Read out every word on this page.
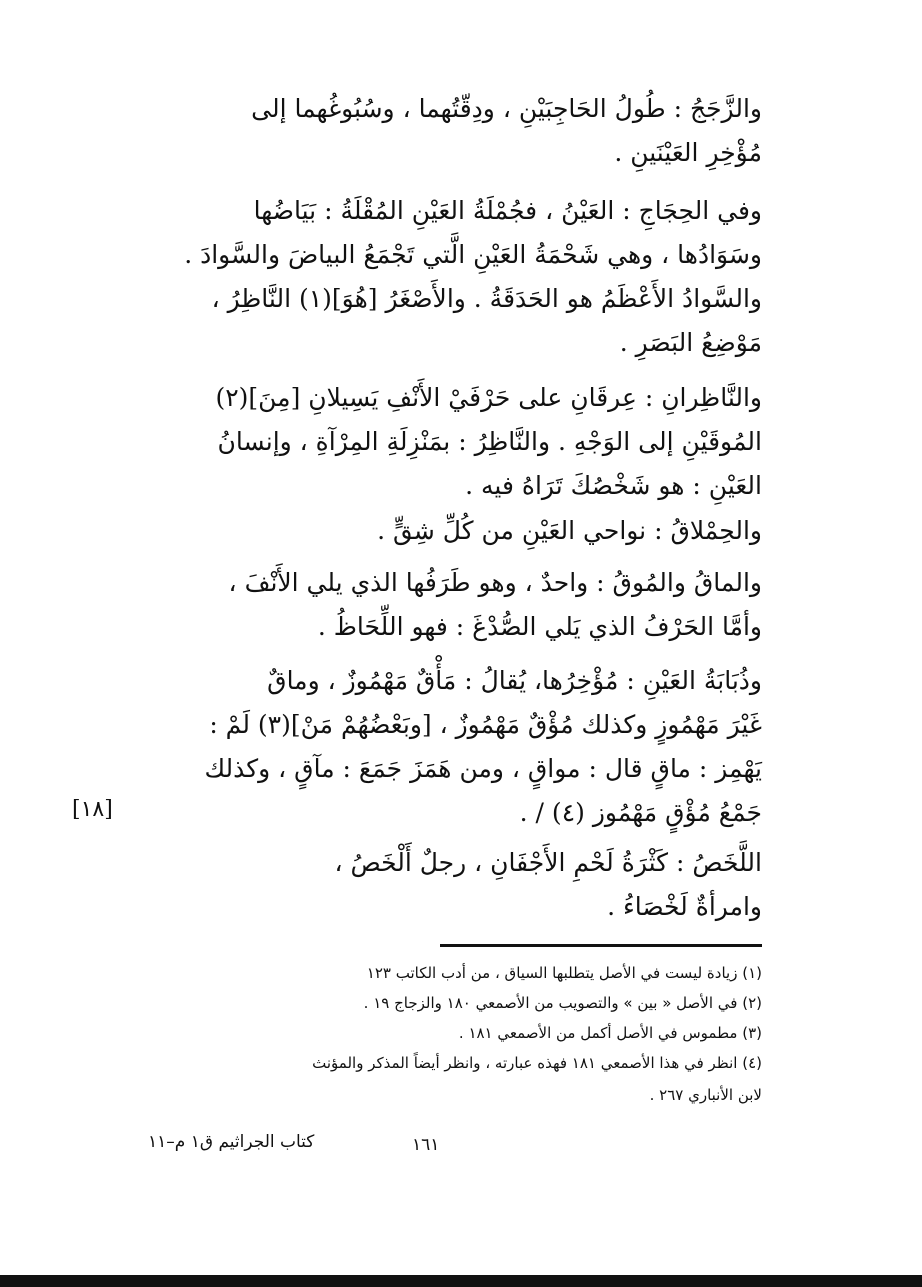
والزَّجَجُ : طُولُ الحَاجِبَيْنِ ، ودِقّتُهما ، وسُبُوغُهما إلى
مُؤْخِرِ العَيْنَينِ .
وفي الحِجَاجِ : العَيْنُ ، فجُمْلَةُ العَيْنِ المُقْلَةُ : بَيَاضُها
وسَوَادُها ، وهي شَحْمَةُ العَيْنِ الَّتي تَجْمَعُ البياضَ والسَّوادَ .
والسَّوادُ الأَعْظَمُ هو الحَدَقَةُ . والأَصْغَرُ [هُوَ](١) النَّاظِرُ ،
مَوْضِعُ البَصَرِ .
والنَّاظِرانِ : عِرقَانِ على حَرْفَيْ الأَنْفِ يَسِيلانِ [مِنَ](٢)
المُوقَيْنِ إلى الوَجْهِ . والنَّاظِرُ : بمَنْزِلَةِ المِرْآةِ ، وإنسانُ
العَيْنِ : هو شَخْصُكَ تَرَاهُ فيه .
والحِمْلاقُ : نواحي العَيْنِ من كُلِّ شِقٍّ .
والماقُ والمُوقُ : واحدٌ ، وهو طَرَفُها الذي يلي الأَنْفَ ،
وأمَّا الحَرْفُ الذي يَلي الصُّدْغَ : فهو اللِّحَاظُ .
وذُبَابَةُ العَيْنِ : مُؤْخِرُها، يُقالُ : مَأْقٌ مَهْمُوزٌ ، وماقٌ
غَيْرَ مَهْمُوزٍ وكذلك مُؤْقٌ مَهْمُوزٌ ، [وبَعْضُهُمْ مَنْ](٣) لَمْ :
يَهْمِز : ماقٍ قال : مواقٍ ، ومن هَمَزَ جَمَعَ : مآقٍ ، وكذلك
جَمْعُ مُؤْقٍ مَهْمُوز (٤) / .
اللَّخَصُ : كَثْرَةُ لَحْمِ الأَجْفَانِ ، رجلٌ أَلْخَصُ ،
وامرأةٌ لَخْصَاءُ .
[١٨]
(١) زيادة ليست في الأصل يتطلبها السياق ، من أدب الكاتب ١٢٣
(٢) في الأصل « بين » والتصويب من الأصمعي ١٨٠ والزجاج ١٩ .
(٣) مطموس في الأصل أكمل من الأصمعي ١٨١ .
(٤) انظر في هذا الأصمعي ١٨١ فهذه عبارته ، وانظر أيضاً المذكر والمؤنث
لابن الأنباري ٢٦٧ .
١٦١
كتاب الجراثيم ق١ م–١١
